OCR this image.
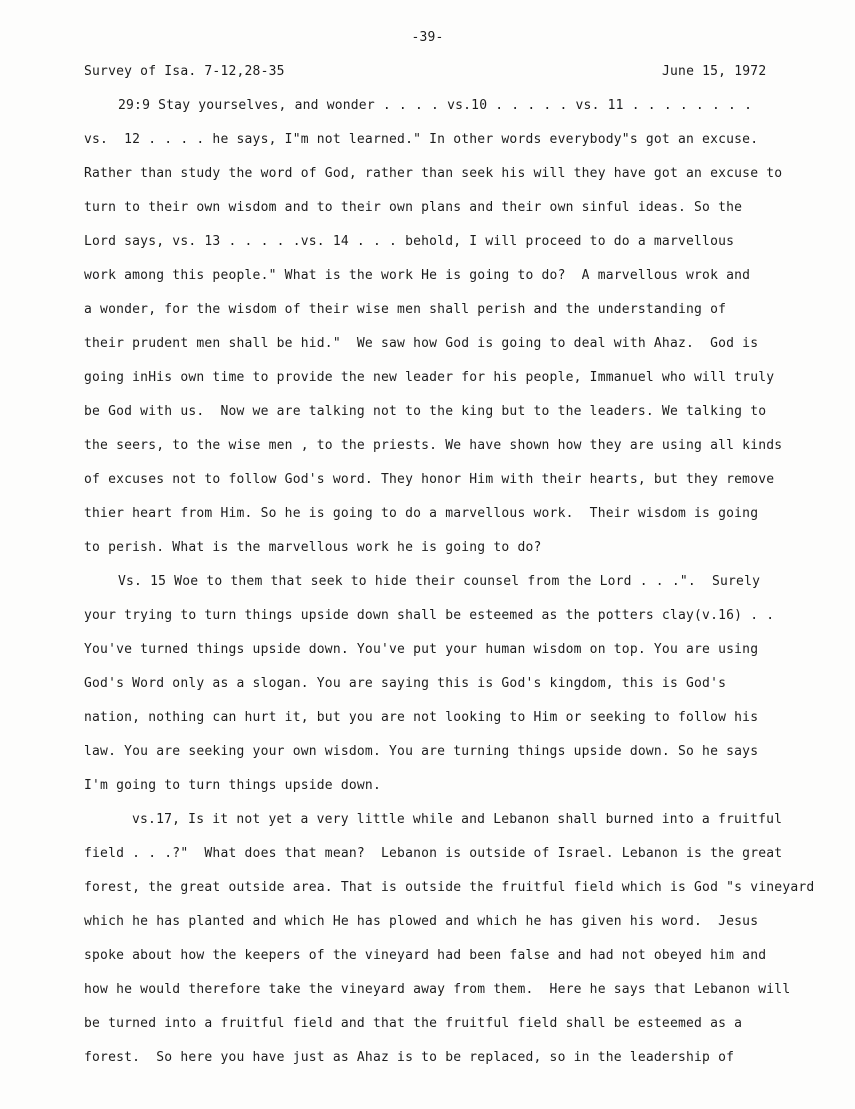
-39-
Survey of Isa. 7-12,28-35	June 15, 1972
29:9 Stay yourselves, and wonder . . . . vs.10 . . . . . vs. 11 . . . . . . . .
vs.  12 . . . . he says, I"m not learned." In other words everybody"s got an excuse.
Rather than study the word of God, rather than seek his will they have got an excuse to
turn to their own wisdom and to their own plans and their own sinful ideas. So the
Lord says, vs. 13 . . . . .vs. 14 . . . behold, I will proceed to do a marvellous
work among this people." What is the work He is going to do?  A marvellous wrok and
a wonder, for the wisdom of their wise men shall perish and the understanding of
their prudent men shall be hid."  We saw how God is going to deal with Ahaz.  God is
going inHis own time to provide the new leader for his people, Immanuel who will truly
be God with us.  Now we are talking not to the king but to the leaders. We talking to
the seers, to the wise men , to the priests. We have shown how they are using all kinds
of excuses not to follow God's word. They honor Him with their hearts, but they remove
thier heart from Him. So he is going to do a marvellous work.  Their wisdom is going
to perish. What is the marvellous work he is going to do?
Vs. 15 Woe to them that seek to hide their counsel from the Lord . . .".  Surely
your trying to turn things upside down shall be esteemed as the potters clay(v.16) . .
You've turned things upside down. You've put your human wisdom on top. You are using
God's Word only as a slogan. You are saying this is God's kingdom, this is God's
nation, nothing can hurt it, but you are not looking to Him or seeking to follow his
law. You are seeking your own wisdom. You are turning things upside down. So he says
I'm going to turn things upside down.
vs.17, Is it not yet a very little while and Lebanon shall burned into a fruitful
field . . .?"  What does that mean?  Lebanon is outside of Israel. Lebanon is the great
forest, the great outside area. That is outside the fruitful field which is God "s vineyard
which he has planted and which He has plowed and which he has given his word.  Jesus
spoke about how the keepers of the vineyard had been false and had not obeyed him and
how he would therefore take the vineyard away from them.  Here he says that Lebanon will
be turned into a fruitful field and that the fruitful field shall be esteemed as a
forest.  So here you have just as Ahaz is to be replaced, so in the leadership of
